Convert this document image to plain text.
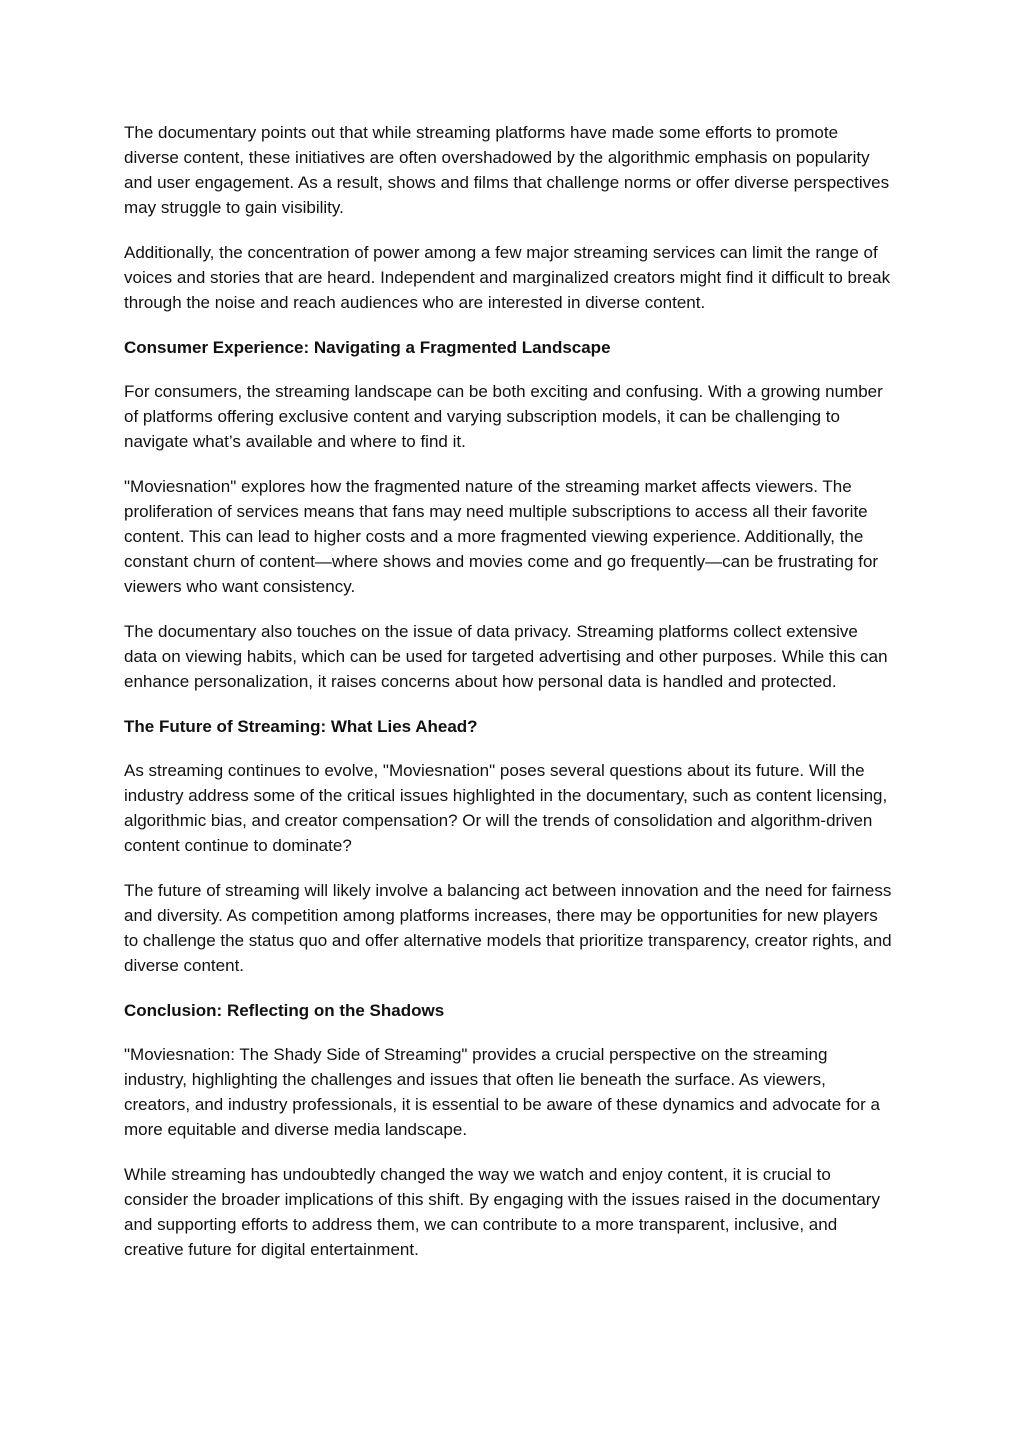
The documentary points out that while streaming platforms have made some efforts to promote diverse content, these initiatives are often overshadowed by the algorithmic emphasis on popularity and user engagement. As a result, shows and films that challenge norms or offer diverse perspectives may struggle to gain visibility.

Additionally, the concentration of power among a few major streaming services can limit the range of voices and stories that are heard. Independent and marginalized creators might find it difficult to break through the noise and reach audiences who are interested in diverse content.

Consumer Experience: Navigating a Fragmented Landscape

For consumers, the streaming landscape can be both exciting and confusing. With a growing number of platforms offering exclusive content and varying subscription models, it can be challenging to navigate what’s available and where to find it.

"Moviesnation" explores how the fragmented nature of the streaming market affects viewers. The proliferation of services means that fans may need multiple subscriptions to access all their favorite content. This can lead to higher costs and a more fragmented viewing experience. Additionally, the constant churn of content—where shows and movies come and go frequently—can be frustrating for viewers who want consistency.

The documentary also touches on the issue of data privacy. Streaming platforms collect extensive data on viewing habits, which can be used for targeted advertising and other purposes. While this can enhance personalization, it raises concerns about how personal data is handled and protected.

The Future of Streaming: What Lies Ahead?

As streaming continues to evolve, "Moviesnation" poses several questions about its future. Will the industry address some of the critical issues highlighted in the documentary, such as content licensing, algorithmic bias, and creator compensation? Or will the trends of consolidation and algorithm-driven content continue to dominate?

The future of streaming will likely involve a balancing act between innovation and the need for fairness and diversity. As competition among platforms increases, there may be opportunities for new players to challenge the status quo and offer alternative models that prioritize transparency, creator rights, and diverse content.

Conclusion: Reflecting on the Shadows

"Moviesnation: The Shady Side of Streaming" provides a crucial perspective on the streaming industry, highlighting the challenges and issues that often lie beneath the surface. As viewers, creators, and industry professionals, it is essential to be aware of these dynamics and advocate for a more equitable and diverse media landscape.

While streaming has undoubtedly changed the way we watch and enjoy content, it is crucial to consider the broader implications of this shift. By engaging with the issues raised in the documentary and supporting efforts to address them, we can contribute to a more transparent, inclusive, and creative future for digital entertainment.
